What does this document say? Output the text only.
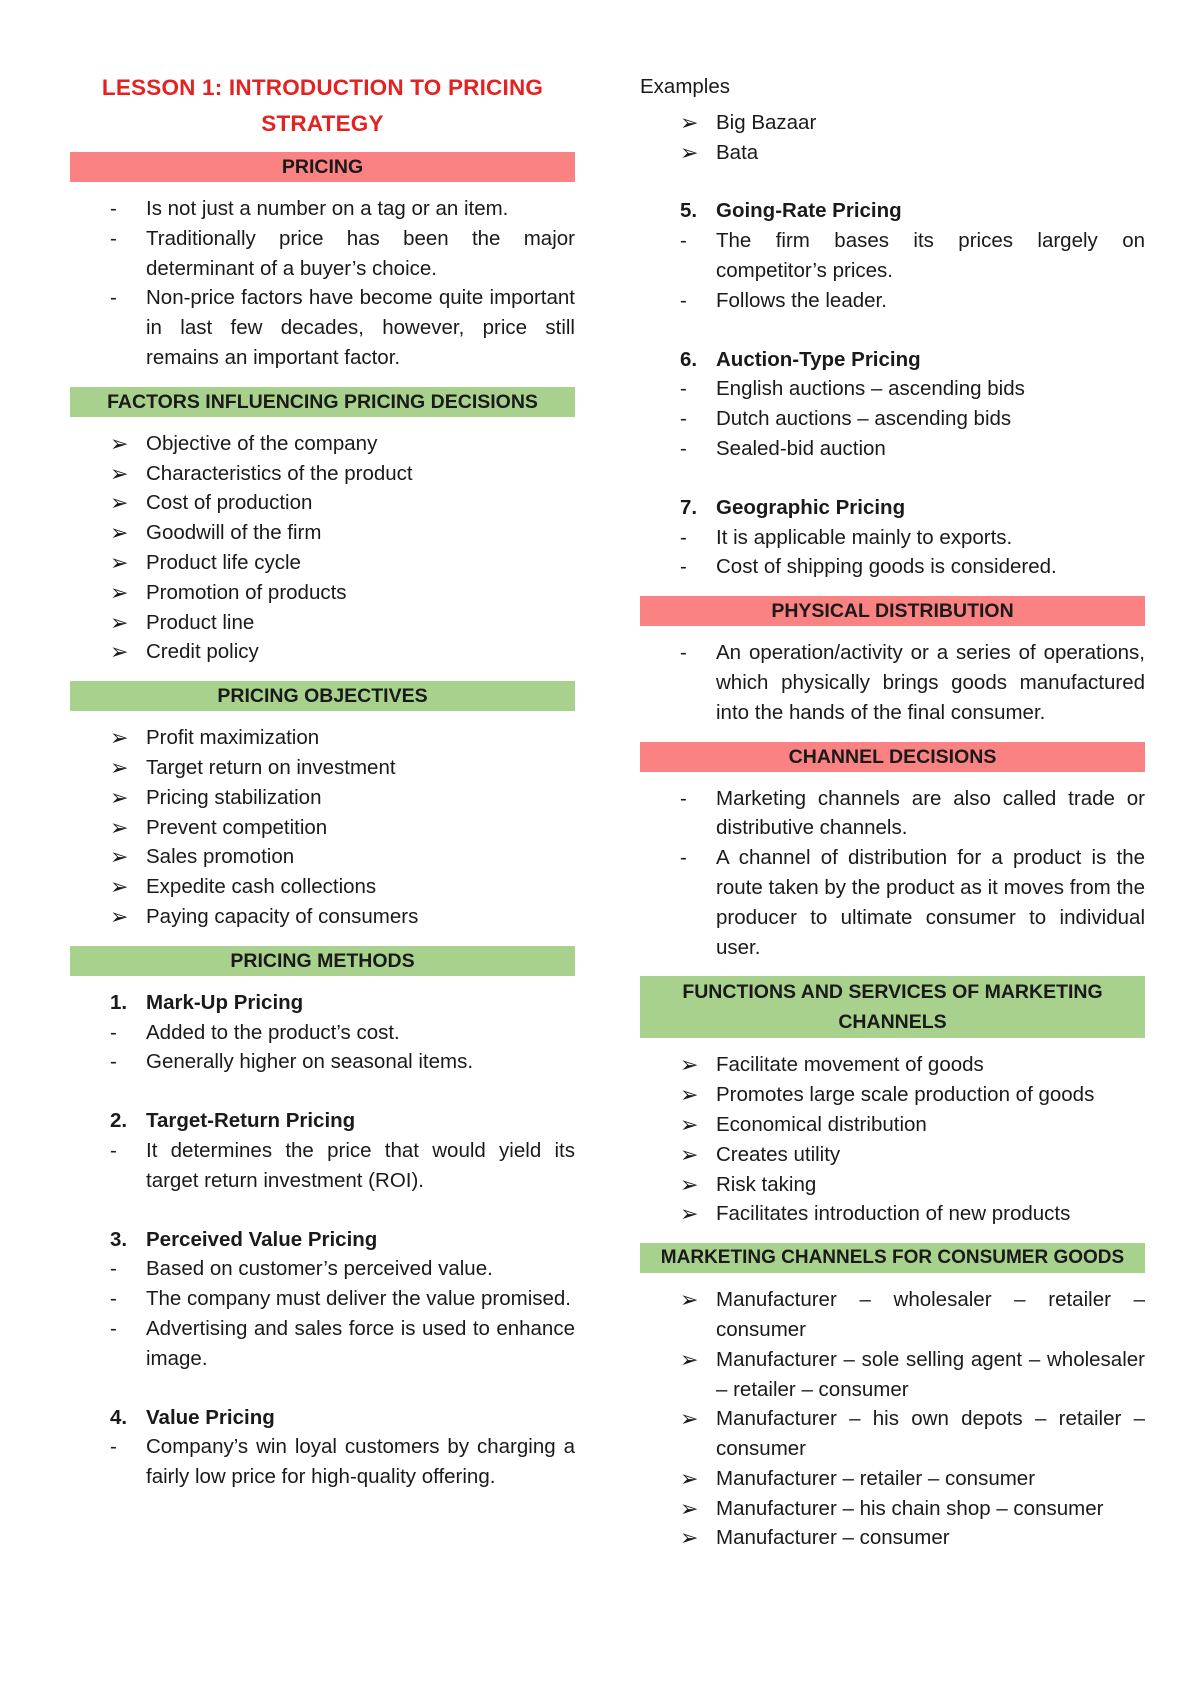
LESSON 1: INTRODUCTION TO PRICING STRATEGY
PRICING
- Is not just a number on a tag or an item.
- Traditionally price has been the major determinant of a buyer’s choice.
- Non-price factors have become quite important in last few decades, however, price still remains an important factor.
FACTORS INFLUENCING PRICING DECISIONS
➢ Objective of the company
➢ Characteristics of the product
➢ Cost of production
➢ Goodwill of the firm
➢ Product life cycle
➢ Promotion of products
➢ Product line
➢ Credit policy
PRICING OBJECTIVES
➢ Profit maximization
➢ Target return on investment
➢ Pricing stabilization
➢ Prevent competition
➢ Sales promotion
➢ Expedite cash collections
➢ Paying capacity of consumers
PRICING METHODS
1. Mark-Up Pricing
- Added to the product’s cost.
- Generally higher on seasonal items.
2. Target-Return Pricing
- It determines the price that would yield its target return investment (ROI).
3. Perceived Value Pricing
- Based on customer’s perceived value.
- The company must deliver the value promised.
- Advertising and sales force is used to enhance image.
4. Value Pricing
- Company’s win loyal customers by charging a fairly low price for high-quality offering.
Examples
➢ Big Bazaar
➢ Bata
5. Going-Rate Pricing
- The firm bases its prices largely on competitor’s prices.
- Follows the leader.
6. Auction-Type Pricing
- English auctions – ascending bids
- Dutch auctions – ascending bids
- Sealed-bid auction
7. Geographic Pricing
- It is applicable mainly to exports.
- Cost of shipping goods is considered.
PHYSICAL DISTRIBUTION
- An operation/activity or a series of operations, which physically brings goods manufactured into the hands of the final consumer.
CHANNEL DECISIONS
- Marketing channels are also called trade or distributive channels.
- A channel of distribution for a product is the route taken by the product as it moves from the producer to ultimate consumer to individual user.
FUNCTIONS AND SERVICES OF MARKETING CHANNELS
➢ Facilitate movement of goods
➢ Promotes large scale production of goods
➢ Economical distribution
➢ Creates utility
➢ Risk taking
➢ Facilitates introduction of new products
MARKETING CHANNELS FOR CONSUMER GOODS
➢ Manufacturer – wholesaler – retailer – consumer
➢ Manufacturer – sole selling agent – wholesaler – retailer – consumer
➢ Manufacturer – his own depots – retailer – consumer
➢ Manufacturer – retailer – consumer
➢ Manufacturer – his chain shop – consumer
➢ Manufacturer – consumer
